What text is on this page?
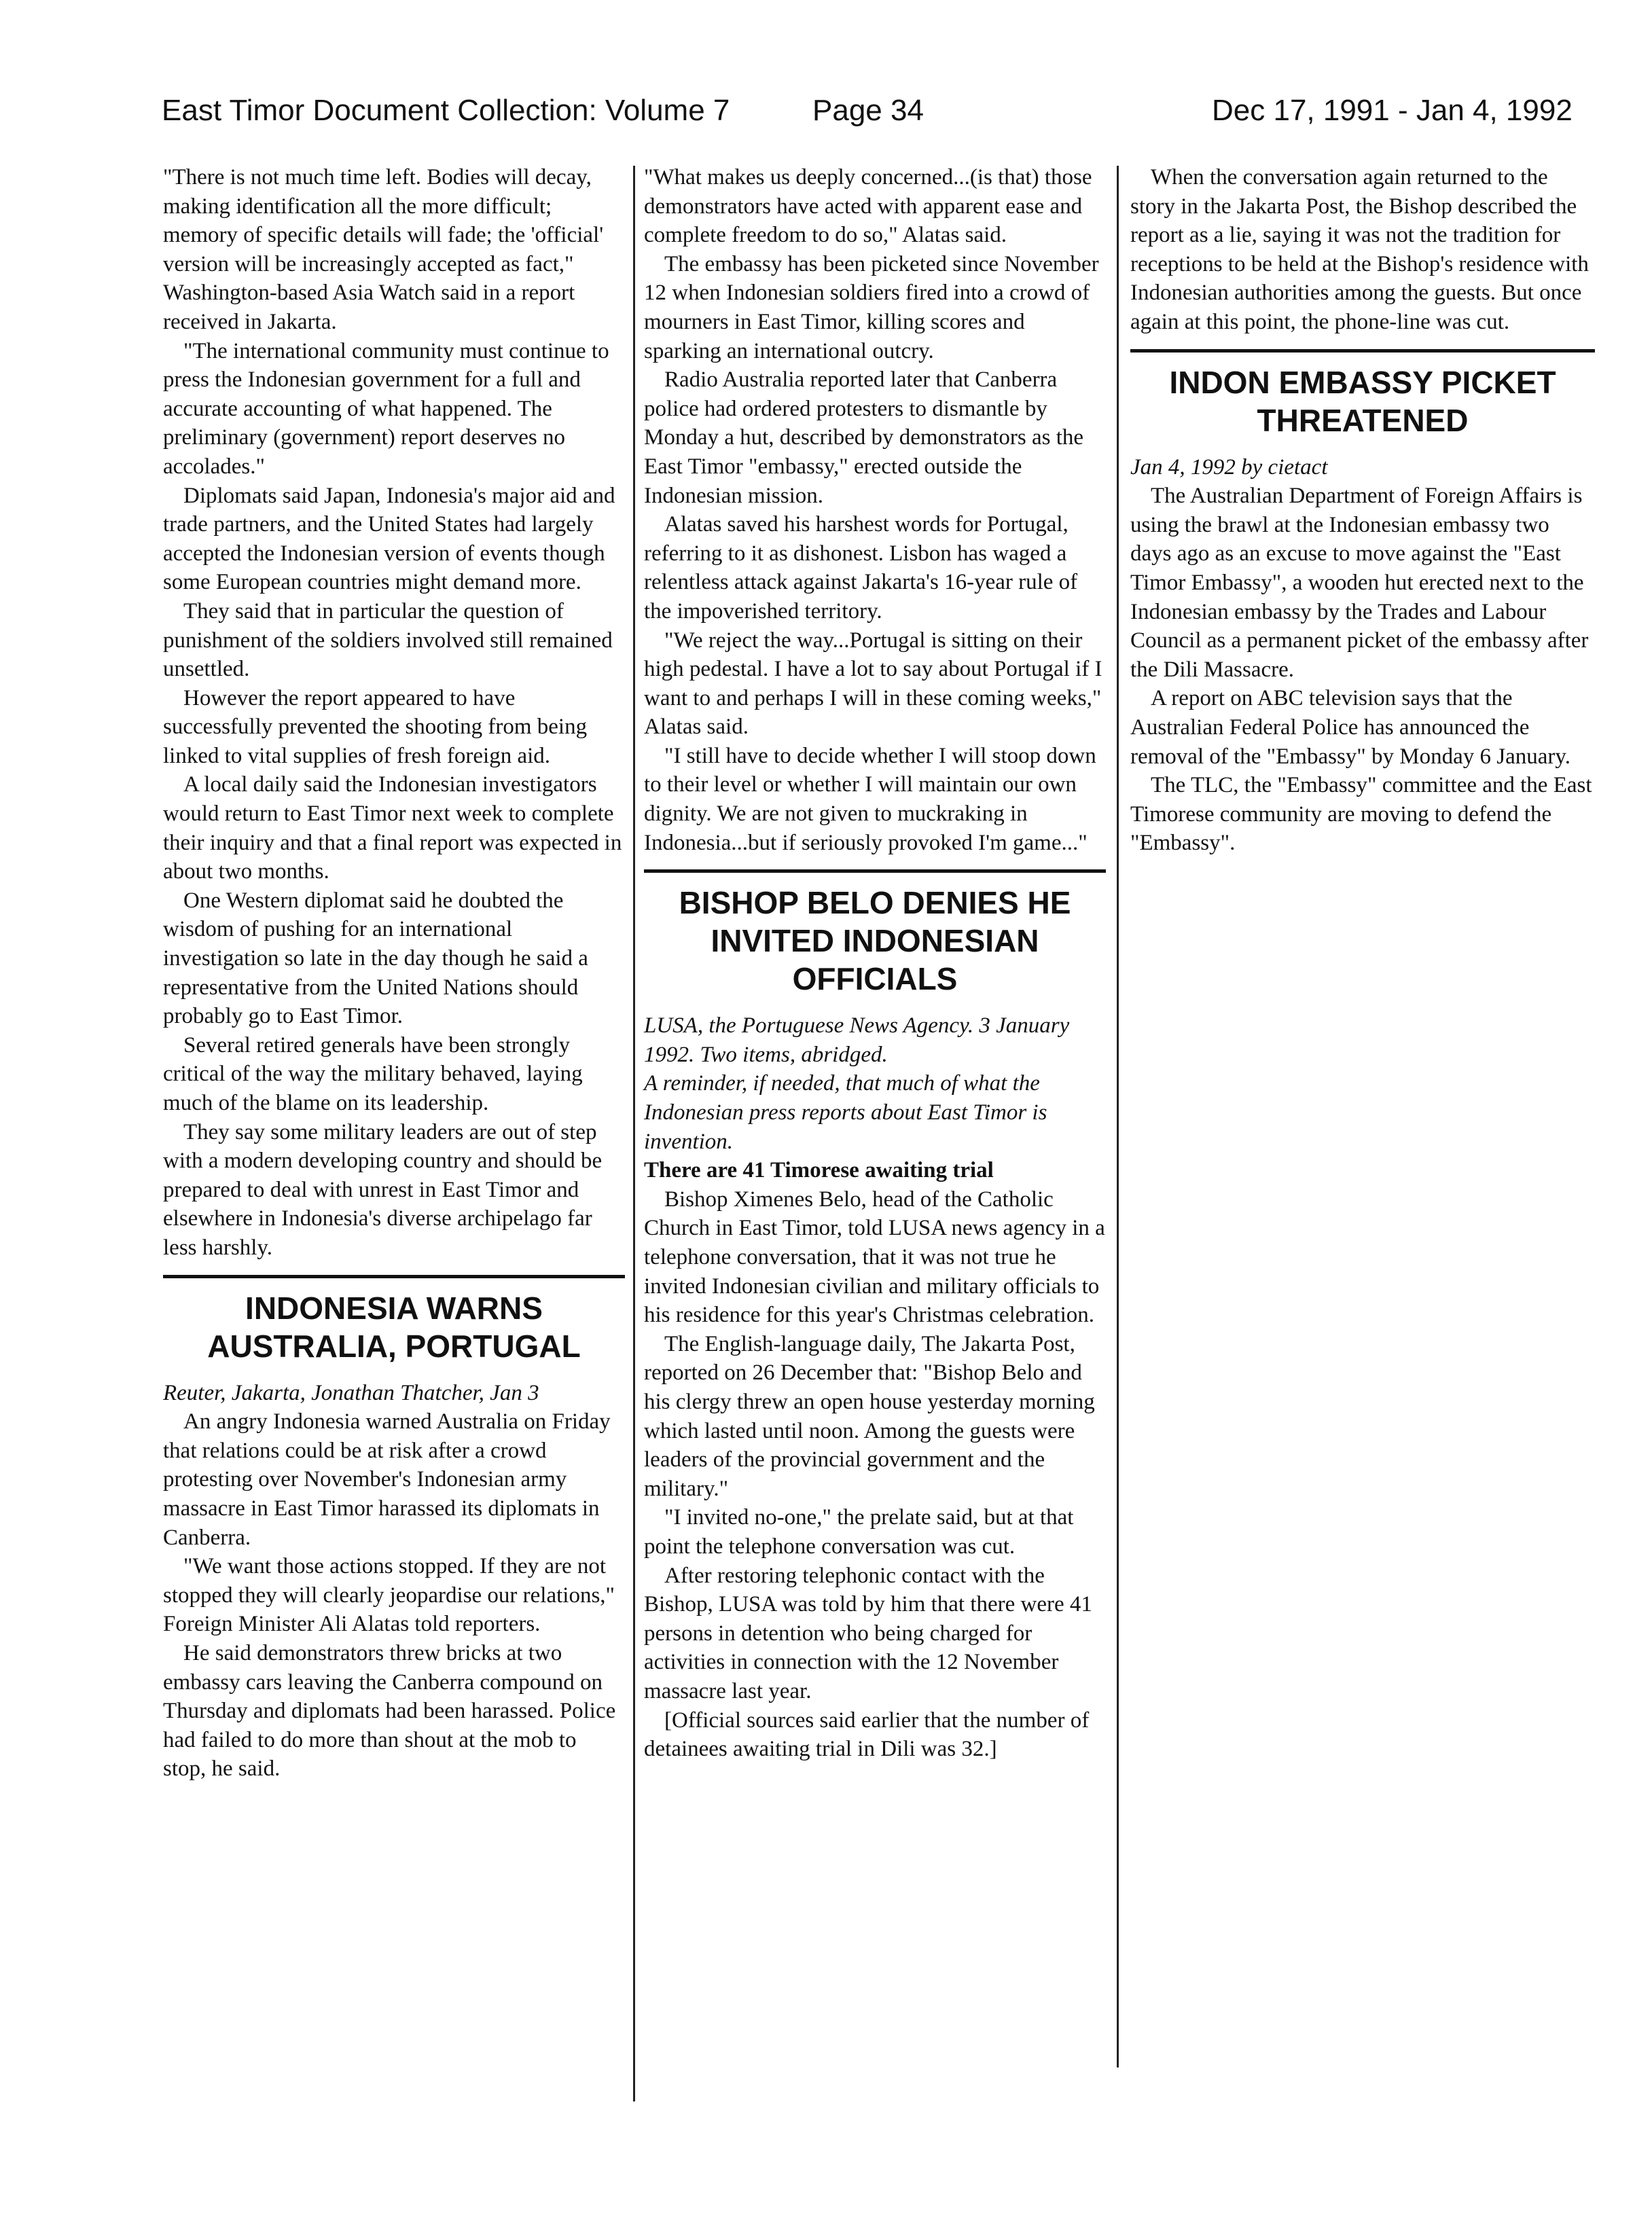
East Timor Document Collection: Volume 7	Page 34	Dec 17, 1991 - Jan 4, 1992

"There is not much time left. Bodies will decay, making identification all the more difficult; memory of specific details will fade; the 'official' version will be increasingly accepted as fact," Washington-based Asia Watch said in a report received in Jakarta.

"The international community must continue to press the Indonesian government for a full and accurate accounting of what happened. The preliminary (government) report deserves no accolades."

Diplomats said Japan, Indonesia's major aid and trade partners, and the United States had largely accepted the Indonesian version of events though some European countries might demand more.

They said that in particular the question of punishment of the soldiers involved still remained unsettled.

However the report appeared to have successfully prevented the shooting from being linked to vital supplies of fresh foreign aid.

A local daily said the Indonesian investigators would return to East Timor next week to complete their inquiry and that a final report was expected in about two months.

One Western diplomat said he doubted the wisdom of pushing for an international investigation so late in the day though he said a representative from the United Nations should probably go to East Timor.

Several retired generals have been strongly critical of the way the military behaved, laying much of the blame on its leadership.

They say some military leaders are out of step with a modern developing country and should be prepared to deal with unrest in East Timor and elsewhere in Indonesia's diverse archipelago far less harshly.

INDONESIA WARNS AUSTRALIA, PORTUGAL

Reuter, Jakarta, Jonathan Thatcher, Jan 3

An angry Indonesia warned Australia on Friday that relations could be at risk after a crowd protesting over November's Indonesian army massacre in East Timor harassed its diplomats in Canberra.

"We want those actions stopped. If they are not stopped they will clearly jeopardise our relations," Foreign Minister Ali Alatas told reporters.

He said demonstrators threw bricks at two embassy cars leaving the Canberra compound on Thursday and diplomats had been harassed. Police had failed to do more than shout at the mob to stop, he said.

"What makes us deeply concerned...(is that) those demonstrators have acted with apparent ease and complete freedom to do so," Alatas said.

The embassy has been picketed since November 12 when Indonesian soldiers fired into a crowd of mourners in East Timor, killing scores and sparking an international outcry.

Radio Australia reported later that Canberra police had ordered protesters to dismantle by Monday a hut, described by demonstrators as the East Timor "embassy," erected outside the Indonesian mission.

Alatas saved his harshest words for Portugal, referring to it as dishonest. Lisbon has waged a relentless attack against Jakarta's 16-year rule of the impoverished territory.

"We reject the way...Portugal is sitting on their high pedestal. I have a lot to say about Portugal if I want to and perhaps I will in these coming weeks," Alatas said.

"I still have to decide whether I will stoop down to their level or whether I will maintain our own dignity. We are not given to muckraking in Indonesia...but if seriously provoked I'm game..."

BISHOP BELO DENIES HE INVITED INDONESIAN OFFICIALS

LUSA, the Portuguese News Agency. 3 January 1992. Two items, abridged.

A reminder, if needed, that much of what the Indonesian press reports about East Timor is invention.

There are 41 Timorese awaiting trial

Bishop Ximenes Belo, head of the Catholic Church in East Timor, told LUSA news agency in a telephone conversation, that it was not true he invited Indonesian civilian and military officials to his residence for this year's Christmas celebration.

The English-language daily, The Jakarta Post, reported on 26 December that: "Bishop Belo and his clergy threw an open house yesterday morning which lasted until noon. Among the guests were leaders of the provincial government and the military."

"I invited no-one," the prelate said, but at that point the telephone conversation was cut.

After restoring telephonic contact with the Bishop, LUSA was told by him that there were 41 persons in detention who being charged for activities in connection with the 12 November massacre last year.

[Official sources said earlier that the number of detainees awaiting trial in Dili was 32.]

When the conversation again returned to the story in the Jakarta Post, the Bishop described the report as a lie, saying it was not the tradition for receptions to be held at the Bishop's residence with Indonesian authorities among the guests. But once again at this point, the phone-line was cut.

INDON EMBASSY PICKET THREATENED

Jan 4, 1992 by cietact

The Australian Department of Foreign Affairs is using the brawl at the Indonesian embassy two days ago as an excuse to move against the "East Timor Embassy", a wooden hut erected next to the Indonesian embassy by the Trades and Labour Council as a permanent picket of the embassy after the Dili Massacre.

A report on ABC television says that the Australian Federal Police has announced the removal of the "Embassy" by Monday 6 January.

The TLC, the "Embassy" committee and the East Timorese community are moving to defend the "Embassy".
